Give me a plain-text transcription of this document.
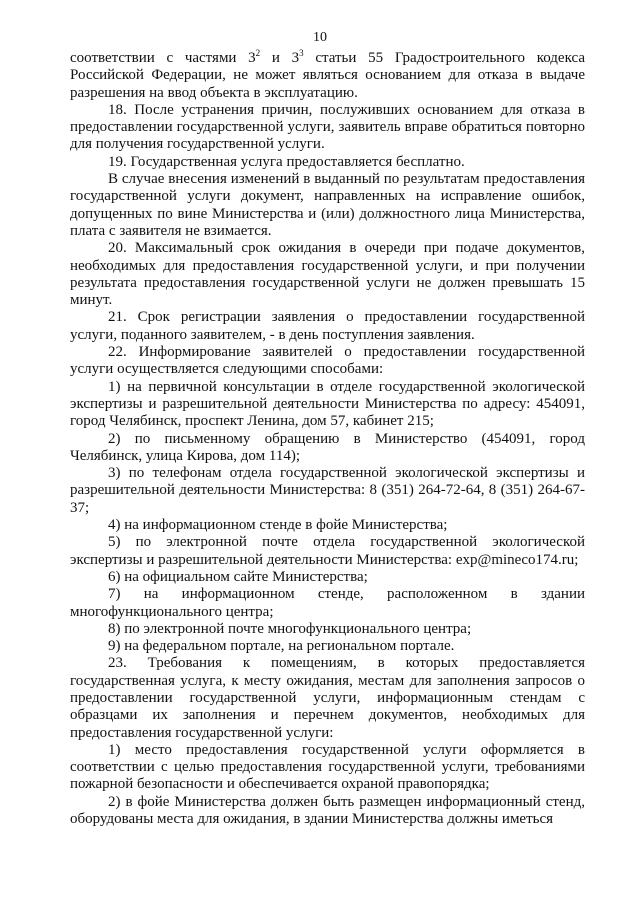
10

соответствии с частями $3^2$ и $3^3$ статьи 55 Градостроительного кодекса Российской Федерации, не может являться основанием для отказа в выдаче разрешения на ввод объекта в эксплуатацию.

18. После устранения причин, послуживших основанием для отказа в предоставлении государственной услуги, заявитель вправе обратиться повторно для получения государственной услуги.

19. Государственная услуга предоставляется бесплатно.

В случае внесения изменений в выданный по результатам предоставления государственной услуги документ, направленных на исправление ошибок, допущенных по вине Министерства и (или) должностного лица Министерства, плата с заявителя не взимается.

20. Максимальный срок ожидания в очереди при подаче документов, необходимых для предоставления государственной услуги, и при получении результата предоставления государственной услуги не должен превышать 15 минут.

21. Срок регистрации заявления о предоставлении государственной услуги, поданного заявителем, - в день поступления заявления.

22. Информирование заявителей о предоставлении государственной услуги осуществляется следующими способами:

1) на первичной консультации в отделе государственной экологической экспертизы и разрешительной деятельности Министерства по адресу: 454091, город Челябинск, проспект Ленина, дом 57, кабинет 215;

2) по письменному обращению в Министерство (454091, город Челябинск, улица Кирова, дом 114);

3) по телефонам отдела государственной экологической экспертизы и разрешительной деятельности Министерства: 8 (351) 264-72-64, 8 (351) 264-67-37;

4) на информационном стенде в фойе Министерства;

5) по электронной почте отдела государственной экологической экспертизы и разрешительной деятельности Министерства: exp@mineco174.ru;

6) на официальном сайте Министерства;

7) на информационном стенде, расположенном в здании многофункционального центра;

8) по электронной почте многофункционального центра;

9) на федеральном портале, на региональном портале.

23. Требования к помещениям, в которых предоставляется государственная услуга, к месту ожидания, местам для заполнения запросов о предоставлении государственной услуги, информационным стендам с образцами их заполнения и перечнем документов, необходимых для предоставления государственной услуги:

1) место предоставления государственной услуги оформляется в соответствии с целью предоставления государственной услуги, требованиями пожарной безопасности и обеспечивается охраной правопорядка;

2) в фойе Министерства должен быть размещен информационный стенд, оборудованы места для ожидания, в здании Министерства должны иметься
